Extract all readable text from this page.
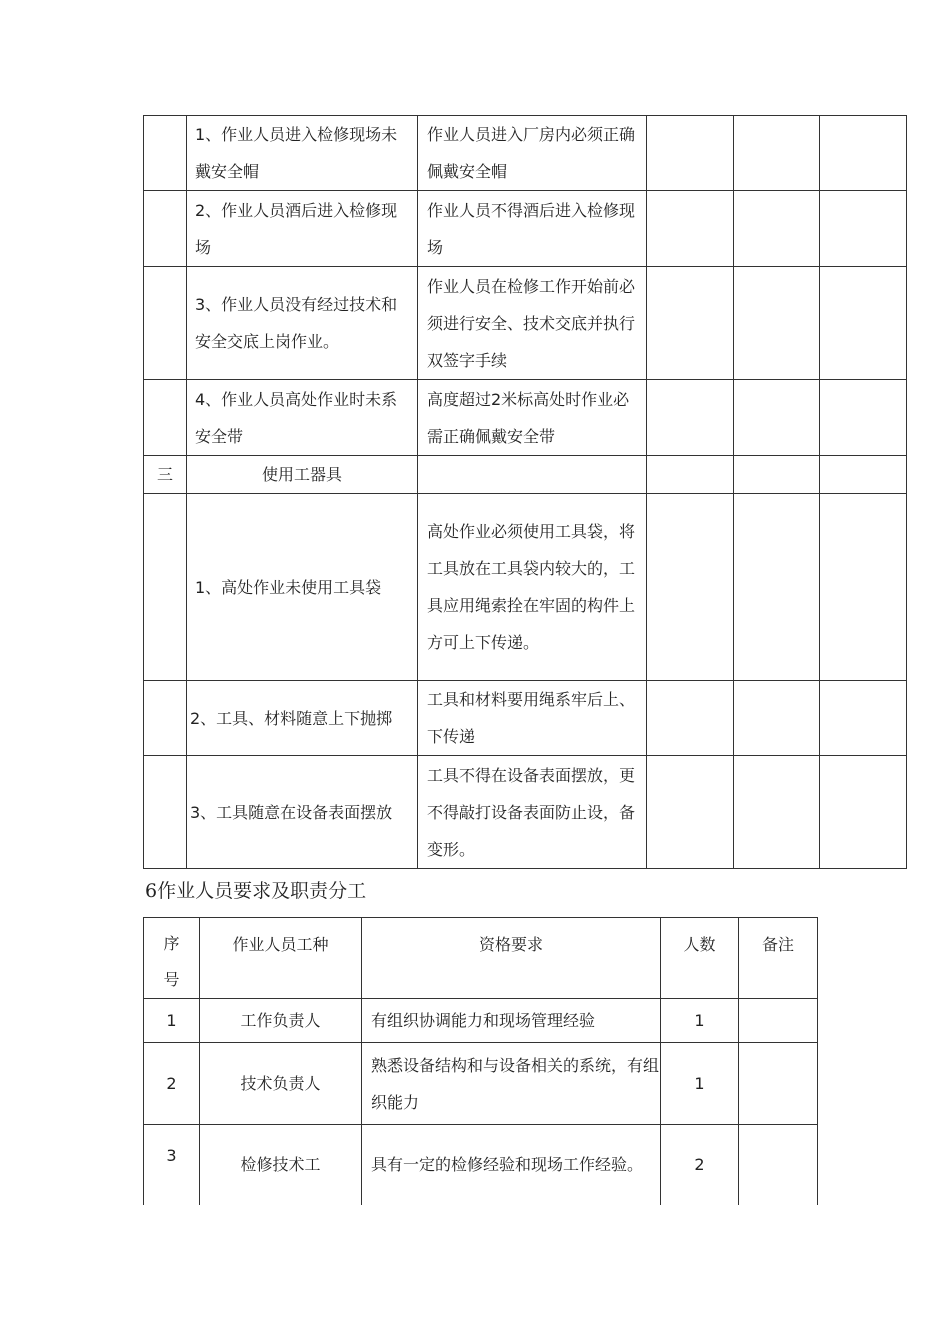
	1、作业人员进入检修现场未戴安全帽	作业人员进入厂房内必须正确佩戴安全帽			
	2、作业人员酒后进入检修现场	作业人员不得酒后进入检修现场			
	3、作业人员没有经过技术和安全交底上岗作业。	作业人员在检修工作开始前必须进行安全、技术交底并执行双签字手续			
	4、作业人员高处作业时未系安全带	高度超过2米标高处时作业必需正确佩戴安全带			
三	使用工器具				
	1、高处作业未使用工具袋	高处作业必须使用工具袋，将工具放在工具袋内较大的，工具应用绳索拴在牢固的构件上方可上下传递。			
	2、工具、材料随意上下抛掷	工具和材料要用绳系牢后上、下传递			
	3、工具随意在设备表面摆放	工具不得在设备表面摆放，更不得敲打设备表面防止设，备变形。			
6作业人员要求及职责分工
序号	作业人员工种	资格要求	人数	备注
1	工作负责人	有组织协调能力和现场管理经验	1	
2	技术负责人	熟悉设备结构和与设备相关的系统，有组织能力	1	
3	检修技术工	具有一定的检修经验和现场工作经验。	2	
